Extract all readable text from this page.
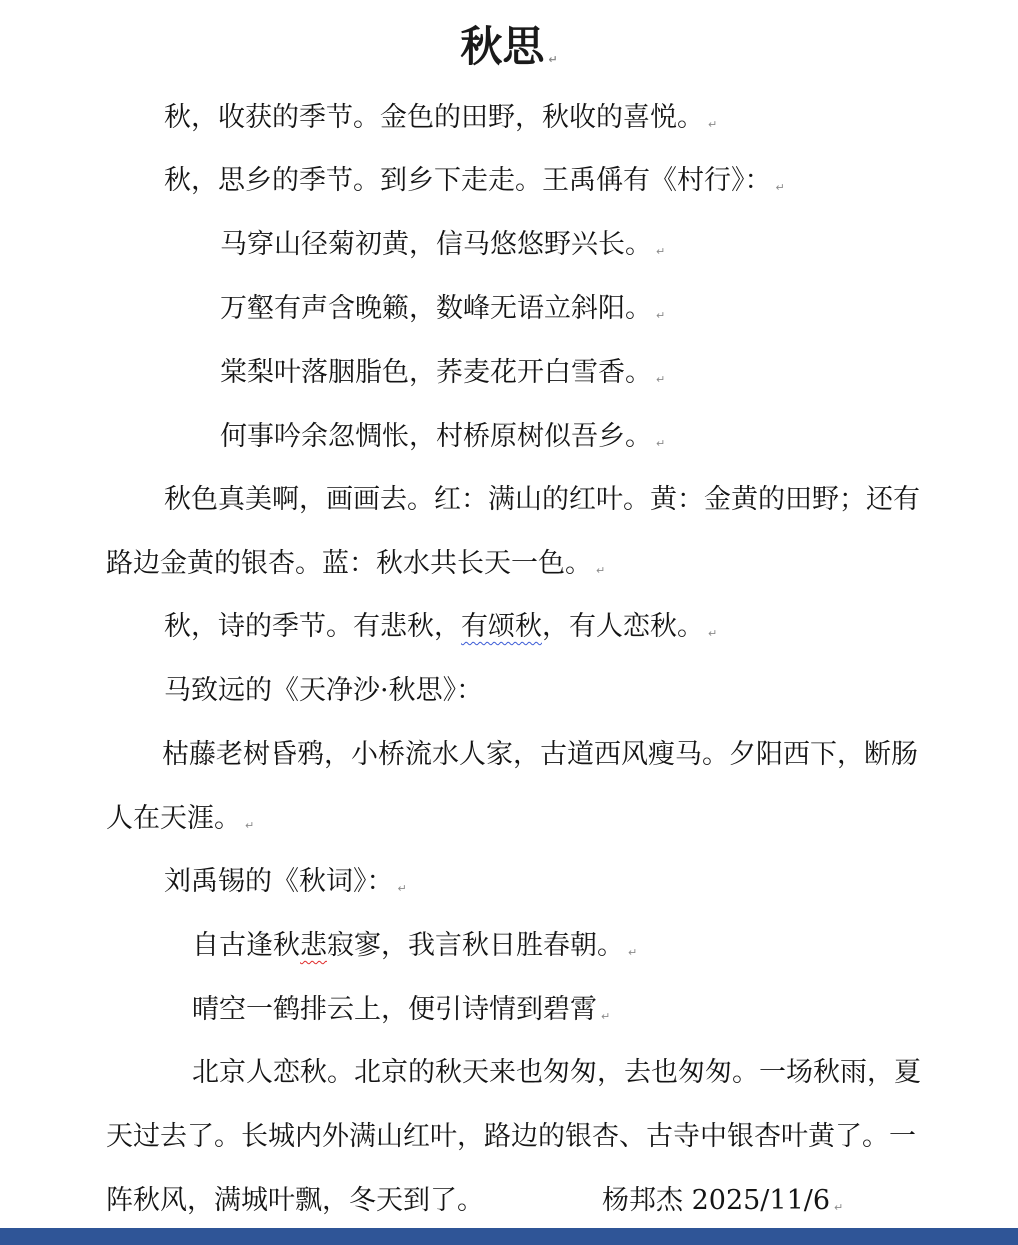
秋思 ↵
秋，收获的季节。金色的田野，秋收的喜悦。 ↵
秋，思乡的季节。到乡下走走。王禹偁有《村行》： ↵
马穿山径菊初黄，信马悠悠野兴长。 ↵
万壑有声含晚籁，数峰无语立斜阳。 ↵
棠梨叶落胭脂色，荞麦花开白雪香。 ↵
何事吟余忽惆怅，村桥原树似吾乡。 ↵
秋色真美啊，画画去。红：满山的红叶。黄：金黄的田野；还有
路边金黄的银杏。蓝：秋水共长天一色。 ↵
秋，诗的季节。有悲秋，有颂秋，有人恋秋。 ↵
马致远的《天净沙·秋思》：
枯藤老树昏鸦，小桥流水人家，古道西风瘦马。夕阳西下，断肠
人在天涯。 ↵
刘禹锡的《秋词》： ↵
自古逢秋悲寂寥，我言秋日胜春朝。 ↵
晴空一鹤排云上，便引诗情到碧霄 ↵
北京人恋秋。北京的秋天来也匆匆，去也匆匆。一场秋雨，夏
天过去了。长城内外满山红叶，路边的银杏、古寺中银杏叶黄了。一
阵秋风，满城叶飘，冬天到了。	杨邦杰 2025/11/6 ↵
